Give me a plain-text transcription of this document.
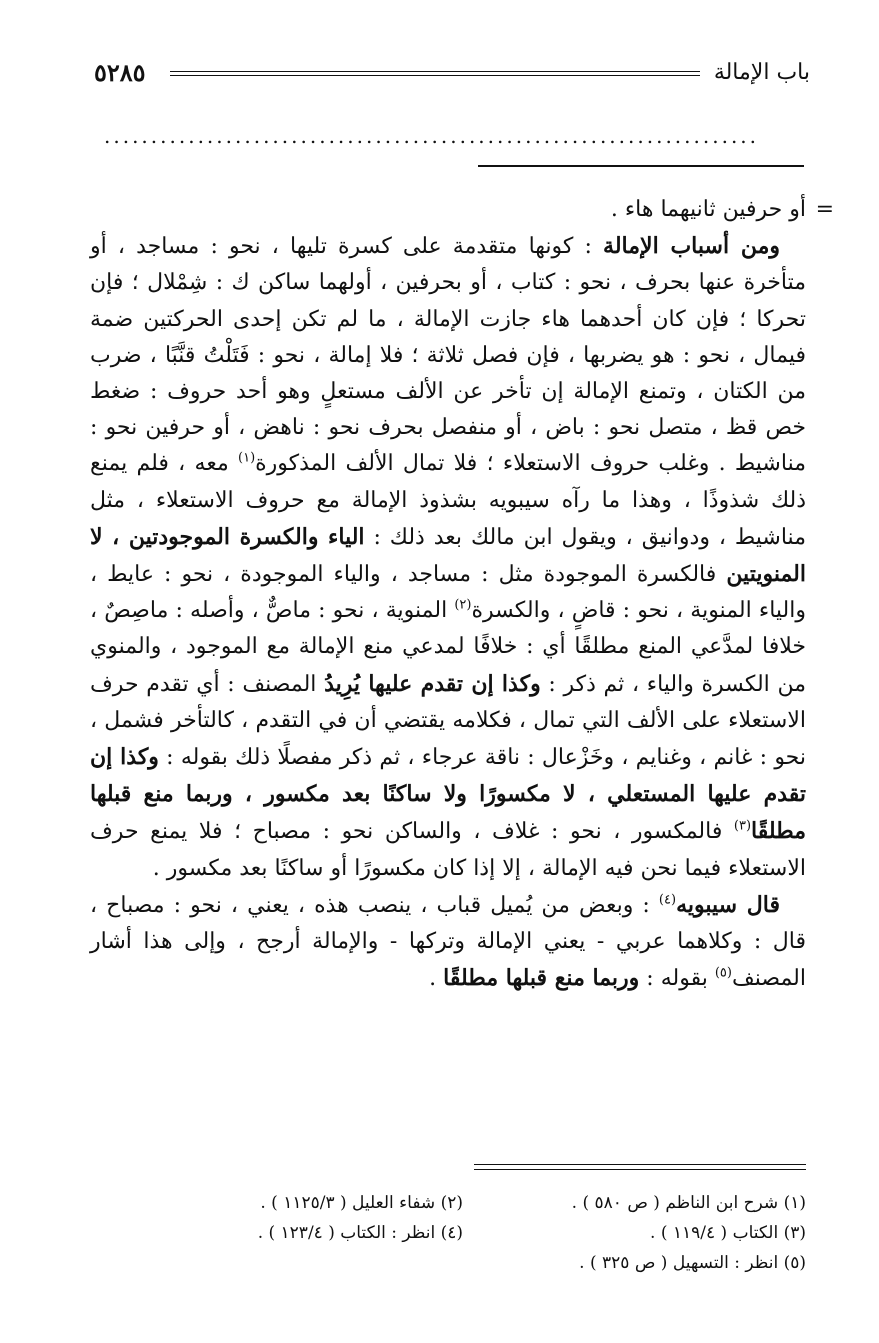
باب الإمالة
٥٢٨٥
......................................................................

=
أو حرفين ثانيهما هاء .

ومن أسباب الإمالة : كونها متقدمة على كسرة تليها ، نحو : مساجد ، أو متأخرة عنها بحرف ، نحو : كتاب ، أو بحرفين ، أولهما ساكن ك : شِمْلال ؛ فإن تحركا ؛ فإن كان أحدهما هاء جازت الإمالة ، ما لم تكن إحدى الحركتين ضمة فيمال ، نحو : هو يضربها ، فإن فصل ثلاثة ؛ فلا إمالة ، نحو : فَتَلْتُ قنَّبًا ، ضرب من الكتان ، وتمنع الإمالة إن تأخر عن الألف مستعلٍ وهو أحد حروف : ضغط خص قظ ، متصل نحو : باض ، أو منفصل بحرف نحو : ناهض ، أو حرفين نحو : مناشيط . وغلب حروف الاستعلاء ؛ فلا تمال الألف المذكورة$^{(١)}$ معه ، فلم يمنع ذلك شذوذًا ، وهذا ما رآه سيبويه بشذوذ الإمالة مع حروف الاستعلاء ، مثل مناشيط ، ودوانيق ، ويقول ابن مالك بعد ذلك : الياء والكسرة الموجودتين ، لا المنويتين فالكسرة الموجودة مثل : مساجد ، والياء الموجودة ، نحو : عايط ، والياء المنوية ، نحو : قاضٍ ، والكسرة$^{(٢)}$ المنوية ، نحو : ماصٌّ ، وأصله : ماصِصٌ ، خلافا لمدَّعي المنع مطلقًا أي : خلافًا لمدعي منع الإمالة مع الموجود ، والمنوي من الكسرة والياء ، ثم ذكر : وكذا إن تقدم عليها يُرِيدُ المصنف : أي تقدم حرف الاستعلاء على الألف التي تمال ، فكلامه يقتضي أن في التقدم ، كالتأخر فشمل ، نحو : غانم ، وغنايم ، وخَزْعال : ناقة عرجاء ، ثم ذكر مفصلًا ذلك بقوله : وكذا إن تقدم عليها المستعلي ، لا مكسورًا ولا ساكنًا بعد مكسور ، وربما منع قبلها مطلقًا$^{(٣)}$ فالمكسور ، نحو : غلاف ، والساكن نحو : مصباح ؛ فلا يمنع حرف الاستعلاء فيما نحن فيه الإمالة ، إلا إذا كان مكسورًا أو ساكنًا بعد مكسور .

قال سيبويه$^{(٤)}$ : وبعض من يُميل قباب ، ينصب هذه ، يعني ، نحو : مصباح ، قال : وكلاهما عربي - يعني الإمالة وتركها - والإمالة أرجح ، وإلى هذا أشار المصنف$^{(٥)}$ بقوله : وربما منع قبلها مطلقًا .

(١) شرح ابن الناظم ( ص ٥٨٠ ) .
(٢) شفاء العليل ( ١١٢٥/٣ ) .
(٣) الكتاب ( ١١٩/٤ ) .
(٤) انظر : الكتاب ( ١٢٣/٤ ) .
(٥) انظر : التسهيل ( ص ٣٢٥ ) .
